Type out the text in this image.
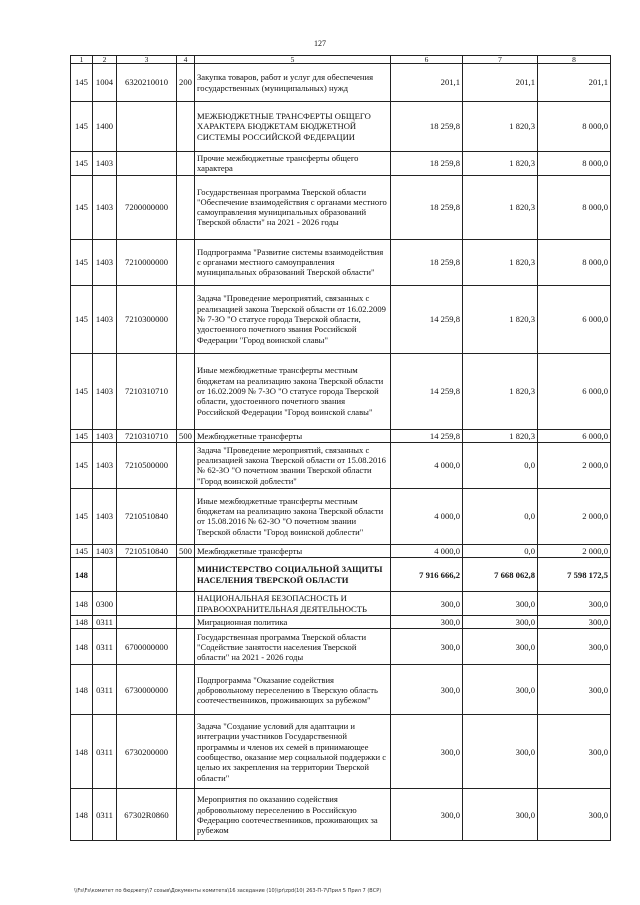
127
1	2	3	4	5	6	7	8
145	1004	6320210010	200	Закупка товаров, работ и услуг для обеспечения государственных (муниципальных) нужд	201,1	201,1	201,1
145	1400			МЕЖБЮДЖЕТНЫЕ ТРАНСФЕРТЫ ОБЩЕГО ХАРАКТЕРА БЮДЖЕТАМ БЮДЖЕТНОЙ СИСТЕМЫ РОССИЙСКОЙ ФЕДЕРАЦИИ	18 259,8	1 820,3	8 000,0
145	1403			Прочие межбюджетные трансферты общего характера	18 259,8	1 820,3	8 000,0
145	1403	7200000000		Государственная программа Тверской области "Обеспечение взаимодействия с органами местного самоуправления муниципальных образований Тверской области" на 2021 - 2026 годы	18 259,8	1 820,3	8 000,0
145	1403	7210000000		Подпрограмма "Развитие системы взаимодействия с органами местного самоуправления муниципальных образований Тверской области"	18 259,8	1 820,3	8 000,0
145	1403	7210300000		Задача "Проведение мероприятий, связанных с реализацией закона Тверской области от 16.02.2009 № 7-ЗО "О статусе города Тверской области, удостоенного почетного звания Российской Федерации "Город воинской славы"	14 259,8	1 820,3	6 000,0
145	1403	7210310710		Иные межбюджетные трансферты местным бюджетам на реализацию закона Тверской области от 16.02.2009 № 7-ЗО "О статусе города Тверской области, удостоенного почетного звания Российской Федерации "Город воинской славы"	14 259,8	1 820,3	6 000,0
145	1403	7210310710	500	Межбюджетные трансферты	14 259,8	1 820,3	6 000,0
145	1403	7210500000		Задача "Проведение мероприятий, связанных с реализацией закона Тверской области от 15.08.2016 № 62-ЗО "О почетном звании Тверской области "Город воинской доблести"	4 000,0	0,0	2 000,0
145	1403	7210510840		Иные межбюджетные трансферты местным бюджетам на реализацию закона Тверской области от 15.08.2016 № 62-ЗО "О почетном звании Тверской области "Город воинской доблести"	4 000,0	0,0	2 000,0
145	1403	7210510840	500	Межбюджетные трансферты	4 000,0	0,0	2 000,0
148				МИНИСТЕРСТВО СОЦИАЛЬНОЙ ЗАЩИТЫ НАСЕЛЕНИЯ ТВЕРСКОЙ ОБЛАСТИ	7 916 666,2	7 668 062,8	7 598 172,5
148	0300			НАЦИОНАЛЬНАЯ БЕЗОПАСНОСТЬ И ПРАВООХРАНИТЕЛЬНАЯ ДЕЯТЕЛЬНОСТЬ	300,0	300,0	300,0
148	0311			Миграционная политика	300,0	300,0	300,0
148	0311	6700000000		Государственная программа Тверской области "Содействие занятости населения Тверской области" на 2021 - 2026 годы	300,0	300,0	300,0
148	0311	6730000000		Подпрограмма "Оказание содействия добровольному переселению в Тверскую область соотечественников, проживающих за рубежом"	300,0	300,0	300,0
148	0311	6730200000		Задача "Создание условий для адаптации и интеграции участников Государственной программы и членов их семей в принимающее сообщество, оказание мер социальной поддержки с целью их закрепления на территории Тверской области"	300,0	300,0	300,0
148	0311	67302R0860		Мероприятия по оказанию содействия добровольному переселению в Российскую Федерацию соотечественников, проживающих за рубежом	300,0	300,0	300,0
\\Fs\Fs\комитет по бюджету\7 созыв\Документы комитета\16 заседание (10)\pr\zpd(10) 263-П-7\Прил 5 Прил 7 (ВСР)
